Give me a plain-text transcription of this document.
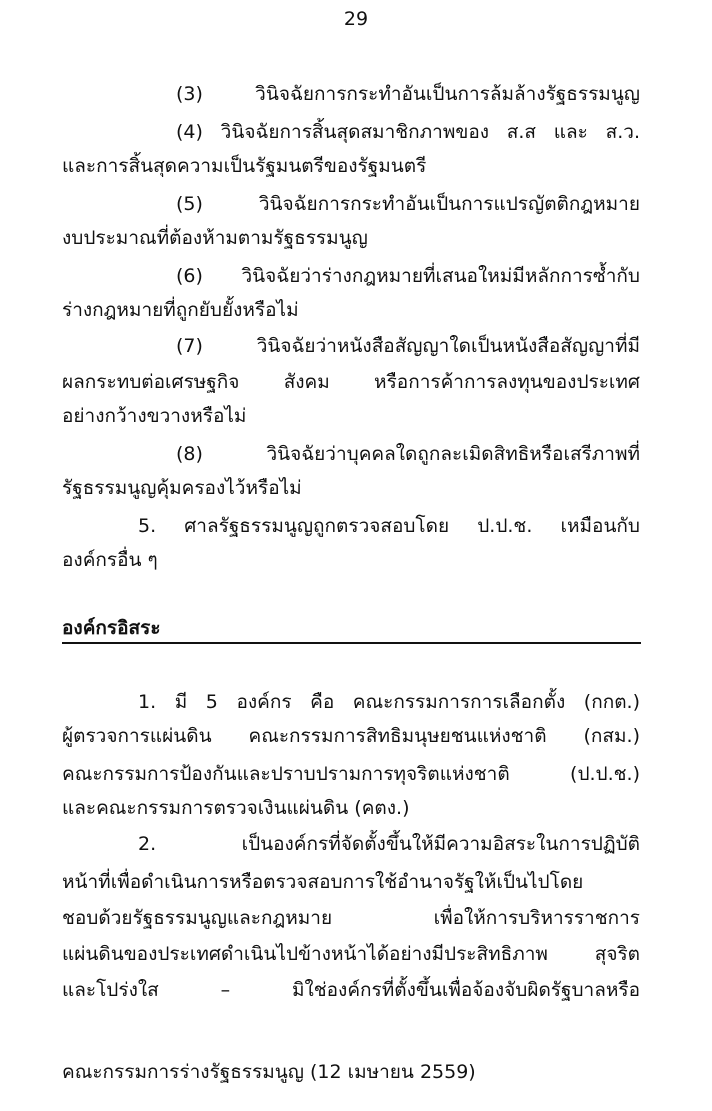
29
(3) วินิจฉัยการกระทำอันเป็นการล้มล้างรัฐธรรมนูญ
(4) วินิจฉัยการสิ้นสุดสมาชิกภาพของ ส.ส และ ส.ว.
และการสิ้นสุดความเป็นรัฐมนตรีของรัฐมนตรี
(5) วินิจฉัยการกระทำอันเป็นการแปรญัตติกฎหมาย
งบประมาณที่ต้องห้ามตามรัฐธรรมนูญ
(6) วินิจฉัยว่าร่างกฎหมายที่เสนอใหม่มีหลักการซ้ำกับ
ร่างกฎหมายที่ถูกยับยั้งหรือไม่
(7) วินิจฉัยว่าหนังสือสัญญาใดเป็นหนังสือสัญญาที่มี
ผลกระทบต่อเศรษฐกิจ สังคม หรือการค้าการลงทุนของประเทศ
อย่างกว้างขวางหรือไม่
(8) วินิจฉัยว่าบุคคลใดถูกละเมิดสิทธิหรือเสรีภาพที่
รัฐธรรมนูญคุ้มครองไว้หรือไม่
5. ศาลรัฐธรรมนูญถูกตรวจสอบโดย ป.ป.ช. เหมือนกับ
องค์กรอื่น ๆ
องค์กรอิสระ
1. มี 5 องค์กร คือ คณะกรรมการการเลือกตั้ง (กกต.)
ผู้ตรวจการแผ่นดิน คณะกรรมการสิทธิมนุษยชนแห่งชาติ (กสม.)
คณะกรรมการป้องกันและปราบปรามการทุจริตแห่งชาติ (ป.ป.ช.)
และคณะกรรมการตรวจเงินแผ่นดิน (คตง.)
2. เป็นองค์กรที่จัดตั้งขึ้นให้มีความอิสระในการปฏิบัติ
หน้าที่เพื่อดำเนินการหรือตรวจสอบการใช้อำนาจรัฐให้เป็นไปโดย
ชอบด้วยรัฐธรรมนูญและกฎหมาย เพื่อให้การบริหารราชการ
แผ่นดินของประเทศดำเนินไปข้างหน้าได้อย่างมีประสิทธิภาพ สุจริต
และโปร่งใส – มิใช่องค์กรที่ตั้งขึ้นเพื่อจ้องจับผิดรัฐบาลหรือ
คณะกรรมการร่างรัฐธรรมนูญ (12 เมษายน 2559)
